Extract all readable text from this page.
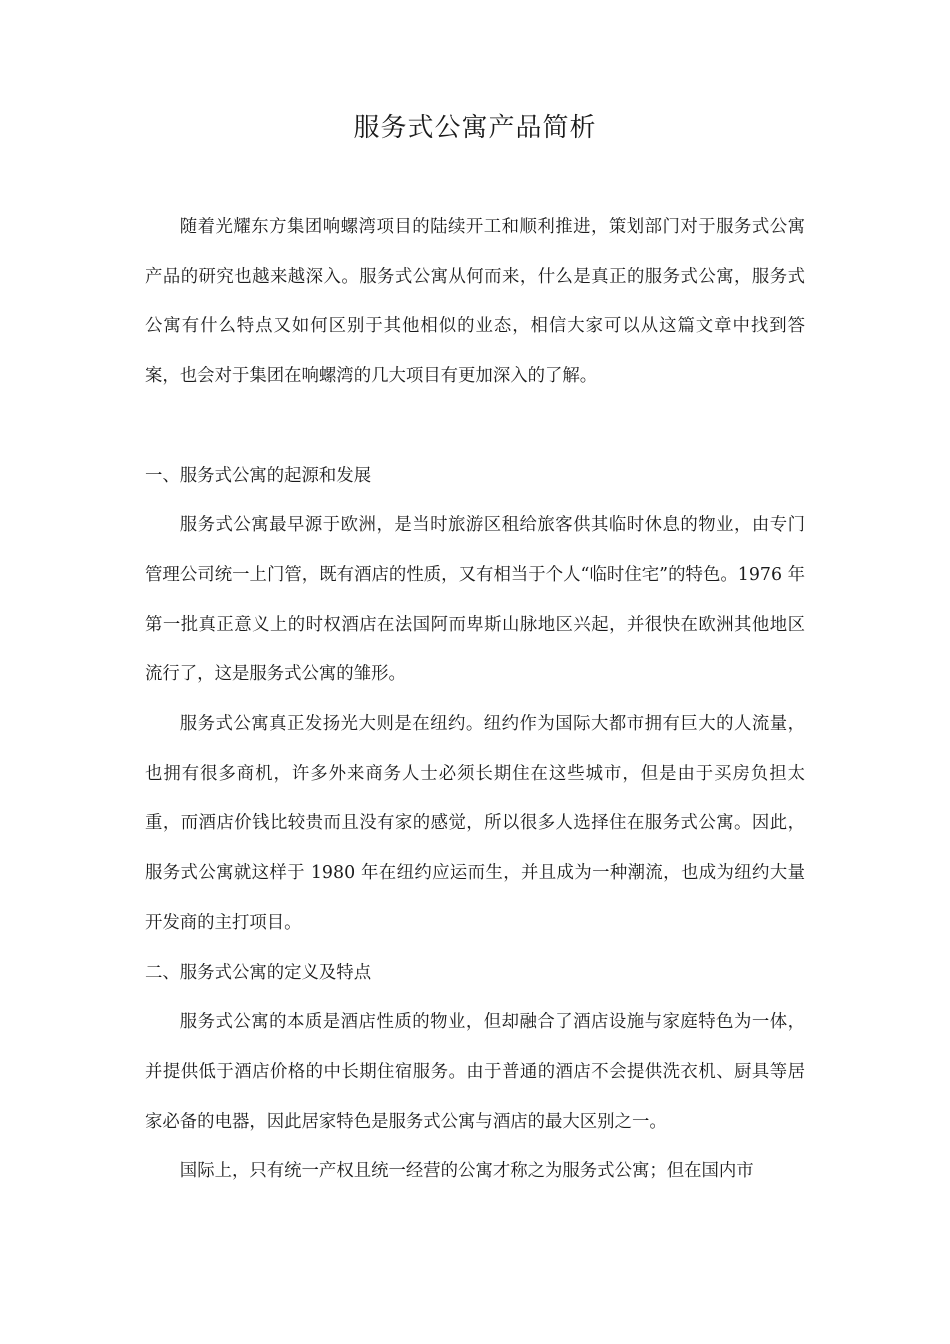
服务式公寓产品简析

随着光耀东方集团响螺湾项目的陆续开工和顺利推进，策划部门对于服务式公寓产品的研究也越来越深入。服务式公寓从何而来，什么是真正的服务式公寓，服务式公寓有什么特点又如何区别于其他相似的业态，相信大家可以从这篇文章中找到答案，也会对于集团在响螺湾的几大项目有更加深入的了解。

一、服务式公寓的起源和发展

服务式公寓最早源于欧洲，是当时旅游区租给旅客供其临时休息的物业，由专门管理公司统一上门管，既有酒店的性质，又有相当于个人“临时住宅”的特色。1976 年第一批真正意义上的时权酒店在法国阿而卑斯山脉地区兴起，并很快在欧洲其他地区流行了，这是服务式公寓的雏形。

服务式公寓真正发扬光大则是在纽约。纽约作为国际大都市拥有巨大的人流量，也拥有很多商机，许多外来商务人士必须长期住在这些城市，但是由于买房负担太重，而酒店价钱比较贵而且没有家的感觉，所以很多人选择住在服务式公寓。因此，服务式公寓就这样于 1980 年在纽约应运而生，并且成为一种潮流，也成为纽约大量开发商的主打项目。

二、服务式公寓的定义及特点

服务式公寓的本质是酒店性质的物业，但却融合了酒店设施与家庭特色为一体，并提供低于酒店价格的中长期住宿服务。由于普通的酒店不会提供洗衣机、厨具等居家必备的电器，因此居家特色是服务式公寓与酒店的最大区别之一。

国际上，只有统一产权且统一经营的公寓才称之为服务式公寓；但在国内市
